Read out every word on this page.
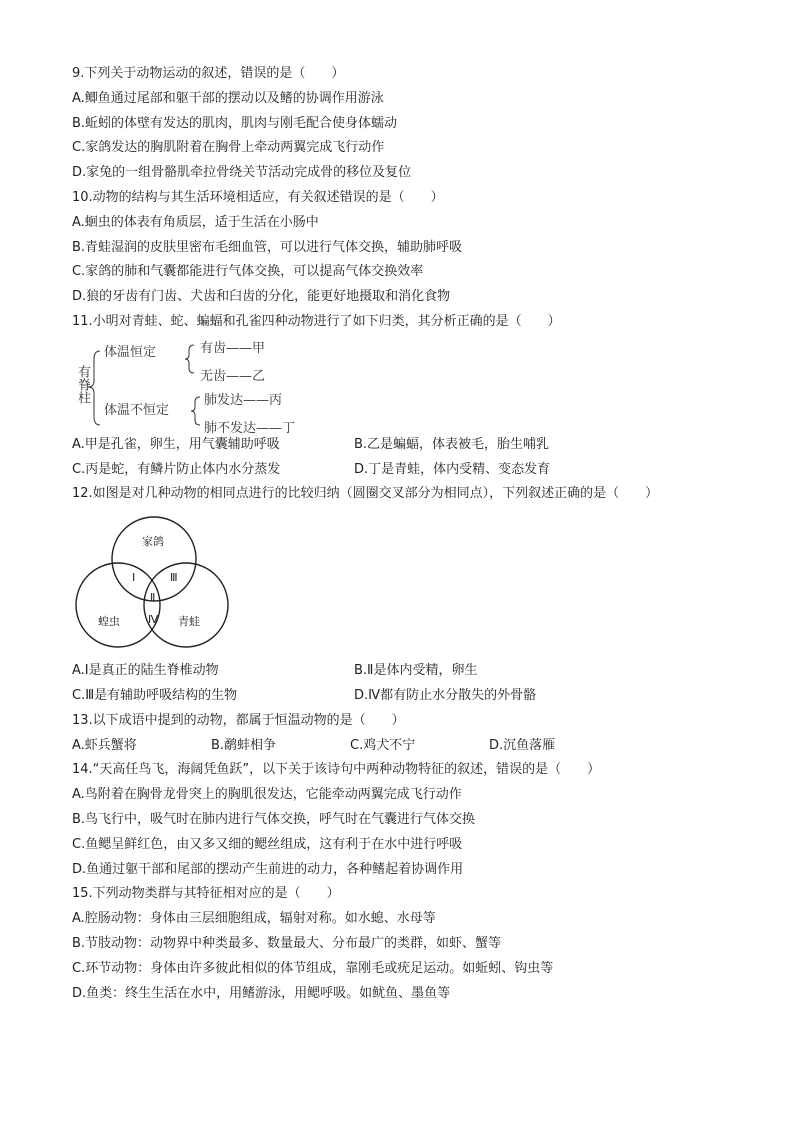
9.下列关于动物运动的叙述，错误的是（　　）
A.鲫鱼通过尾部和躯干部的摆动以及鳍的协调作用游泳
B.蚯蚓的体壁有发达的肌肉，肌肉与刚毛配合使身体蠕动
C.家鸽发达的胸肌附着在胸骨上牵动两翼完成飞行动作
D.家兔的一组骨骼肌牵拉骨绕关节活动完成骨的移位及复位
10.动物的结构与其生活环境相适应，有关叙述错误的是（　　）
A.蛔虫的体表有角质层，适于生活在小肠中
B.青蛙湿润的皮肤里密布毛细血管，可以进行气体交换，辅助肺呼吸
C.家鸽的肺和气囊都能进行气体交换，可以提高气体交换效率
D.狼的牙齿有门齿、犬齿和臼齿的分化，能更好地摄取和消化食物
11.小明对青蛙、蛇、蝙蝠和孔雀四种动物进行了如下归类，其分析正确的是（　　）
有脊柱
体温恒定
体温不恒定
有齿——甲
无齿——乙
肺发达——丙
肺不发达——丁
A.甲是孔雀，卵生，用气囊辅助呼吸	B.乙是蝙蝠，体表被毛，胎生哺乳
C.丙是蛇，有鳞片防止体内水分蒸发	D.丁是青蛙，体内受精、变态发育
12.如图是对几种动物的相同点进行的比较归纳（圆圈交叉部分为相同点），下列叙述正确的是（　　）
家鸽
蝗虫	青蛙
Ⅰ
Ⅱ
Ⅲ
Ⅳ
A.Ⅰ是真正的陆生脊椎动物	B.Ⅱ是体内受精，卵生
C.Ⅲ是有辅助呼吸结构的生物	D.Ⅳ都有防止水分散失的外骨骼
13.以下成语中提到的动物，都属于恒温动物的是（　　）
A.虾兵蟹将	B.鹬蚌相争	C.鸡犬不宁	D.沉鱼落雁
14.“天高任鸟飞，海阔凭鱼跃”，以下关于该诗句中两种动物特征的叙述，错误的是（　　）
A.鸟附着在胸骨龙骨突上的胸肌很发达，它能牵动两翼完成飞行动作
B.鸟飞行中，吸气时在肺内进行气体交换，呼气时在气囊进行气体交换
C.鱼鳃呈鲜红色，由又多又细的鳃丝组成，这有利于在水中进行呼吸
D.鱼通过躯干部和尾部的摆动产生前进的动力，各种鳍起着协调作用
15.下列动物类群与其特征相对应的是（　　）
A.腔肠动物：身体由三层细胞组成，辐射对称。如水螅、水母等
B.节肢动物：动物界中种类最多、数量最大、分布最广的类群，如虾、蟹等
C.环节动物：身体由许多彼此相似的体节组成，靠刚毛或疣足运动。如蚯蚓、钩虫等
D.鱼类：终生生活在水中，用鳍游泳，用鳃呼吸。如鱿鱼、墨鱼等
